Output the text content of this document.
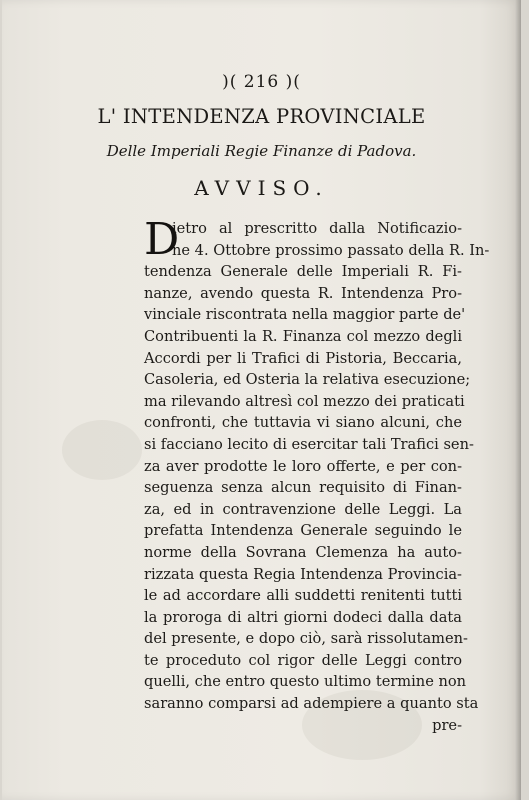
)( 216 )(
L' INTENDENZA PROVINCIALE
Delle Imperiali Regie Finanze di Padova.
AVVISO.
D
ietro al prescritto dalla Notificazio-
ne 4. Ottobre prossimo passato della R. In-
tendenza Generale delle Imperiali R. Fi-
nanze, avendo questa R. Intendenza Pro-
vinciale riscontrata nella maggior parte de'
Contribuenti la R. Finanza col mezzo degli
Accordi per li Trafici di Pistoria, Beccaria,
Casoleria, ed Osteria la relativa esecuzione;
ma rilevando altresì col mezzo dei praticati
confronti, che tuttavia vi siano alcuni, che
si facciano lecito di esercitar tali Trafici sen-
za aver prodotte le loro offerte, e per con-
seguenza senza alcun requisito di Finan-
za, ed in contravenzione delle Leggi. La
prefatta Intendenza Generale seguindo le
norme della Sovrana Clemenza ha auto-
rizzata questa Regia Intendenza Provincia-
le ad accordare alli suddetti renitenti tutti
la proroga di altri giorni dodeci dalla data
del presente, e dopo ciò, sarà rissolutamen-
te proceduto col rigor delle Leggi contro
quelli, che entro questo ultimo termine non
saranno comparsi ad adempiere a quanto sta
pre-
